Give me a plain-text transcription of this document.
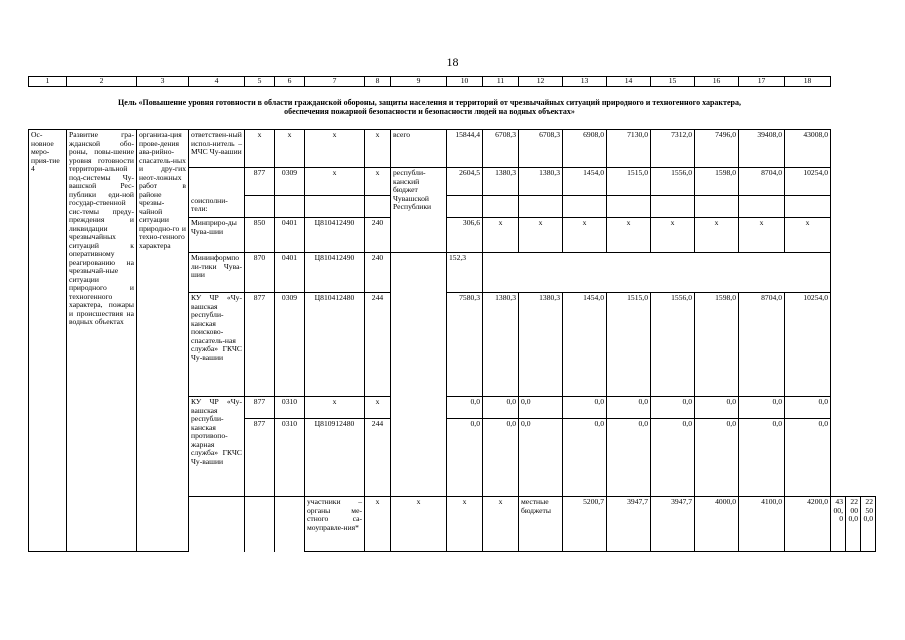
18
1	2	3	4	5	6	7	8	9	10	11	12	13	14	15	16	17	18			

Цель «Повышение уровня готовности в области гражданской обороны, защиты населения и территорий от чрезвычайных ситуаций природного и техногенного характера,
обеспечения пожарной безопасности и безопасности людей на водных объектах»																				

Ос-новное меро-прия-тие 4	Развитие гра-жданской обо-роны, повы-шение уровня готовности территори-альной под-системы Чу-вашской Рес-публики еди-ной государ-ственной сис-темы преду-преждения и ликвидации чрезвычайных ситуаций к оперативному реагированию на чрезвычай-ные ситуации природного и техногенного характера, пожары и происшествия на водных объектах	организа-ция прове-дения ава-рийно-спасатель-ных и дру-гих неот-ложных работ в районе чрезвы-чайной ситуации природно-го и техно-генного характера	ответствен-ный испол-нитель – МЧС Чу-вашии	x	x	x	x	всего	15844,4	6708,3	6708,3	6908,0	7130,0	7312,0	7496,0	39408,0	43008,0			
				877	0309	x	x	республи-канский бюджет Чувашской Республики	2604,5	1380,3	1380,3	1454,0	1515,0	1556,0	1598,0	8704,0	10254,0			
			соисполни-тели:																	
			Минприро-ды Чува-шии	850	0401	Ц810412490	240		306,6	x	x	x	x	x	x	x	x			
			Мининформполи-тики Чува-шии	870	0401	Ц810412490	240		152,3											
			КУ ЧР «Чу-вашская республи-канская поисково-спасатель-ная служба» ГКЧС Чу-вашии	877	0309	Ц810412480	244		7580,3	1380,3	1380,3	1454,0	1515,0	1556,0	1598,0	8704,0	10254,0			
			КУ ЧР «Чу-вашская республи-канская противопо-жарная служба» ГКЧС Чу-вашии	877	0310	x	x		0,0	0,0	0,0	0,0	0,0	0,0	0,0	0,0	0,0			
				877	0310	Ц810912480	244		0,0	0,0	0,0	0,0	0,0	0,0	0,0	0,0	0,0			
						участники – органы ме-стного са-моуправле-ния*	x	x	x	x	местные бюджеты	5200,7	3947,7	3947,7	4000,0	4100,0	4200,0	4300,0	22000,0	22500,0
